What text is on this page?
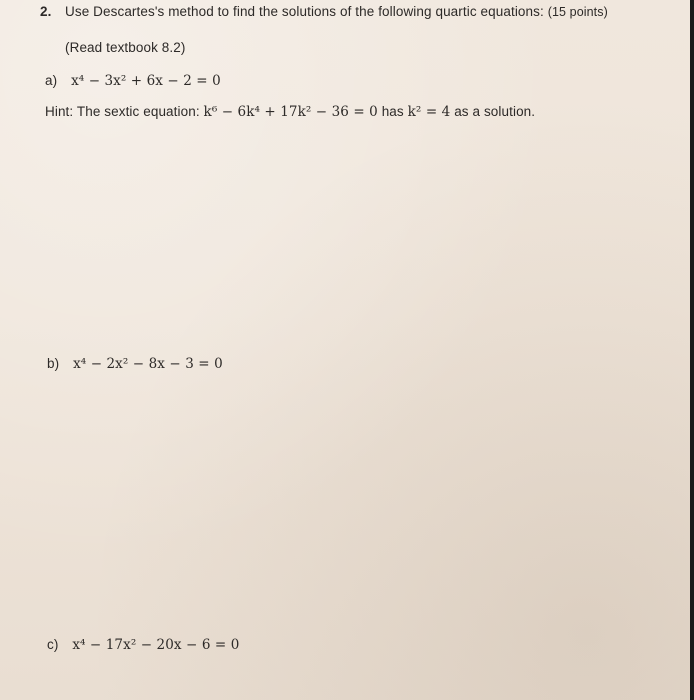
2. Use Descartes's method to find the solutions of the following quartic equations: (15 points)
(Read textbook 8.2)
a) x⁴ − 3x² + 6x − 2 = 0
Hint: The sextic equation: k⁶ − 6k⁴ + 17k² − 36 = 0 has k² = 4 as a solution.
b) x⁴ − 2x² − 8x − 3 = 0
c) x⁴ − 17x² − 20x − 6 = 0
